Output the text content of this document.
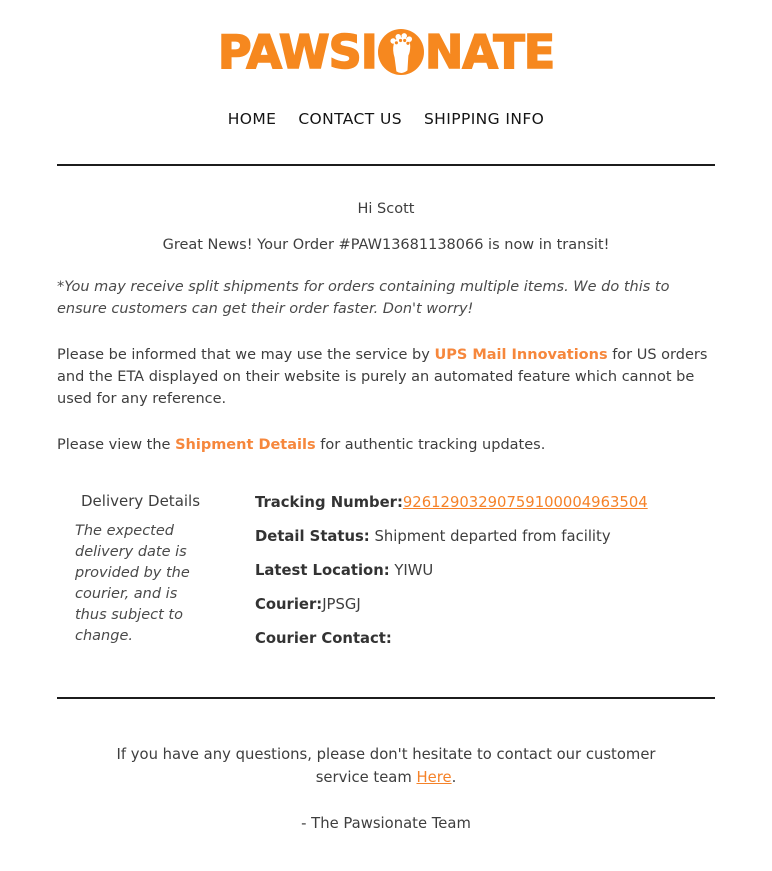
PAWSI NATE
HOME CONTACT US SHIPPING INFO

Hi Scott

Great News! Your Order #PAW13681138066 is now in transit!

*You may receive split shipments for orders containing multiple items. We do this to ensure customers can get their order faster. Don't worry!

Please be informed that we may use the service by UPS Mail Innovations for US orders and the ETA displayed on their website is purely an automated feature which cannot be used for any reference.

Please view the Shipment Details for authentic tracking updates.

Delivery Details
The expected delivery date is provided by the courier, and is thus subject to change.
Tracking Number:92612903290759100004963504
Detail Status: Shipment departed from facility
Latest Location: YIWU
Courier:JPSGJ
Courier Contact:

If you have any questions, please don't hesitate to contact our customer service team Here.

- The Pawsionate Team
